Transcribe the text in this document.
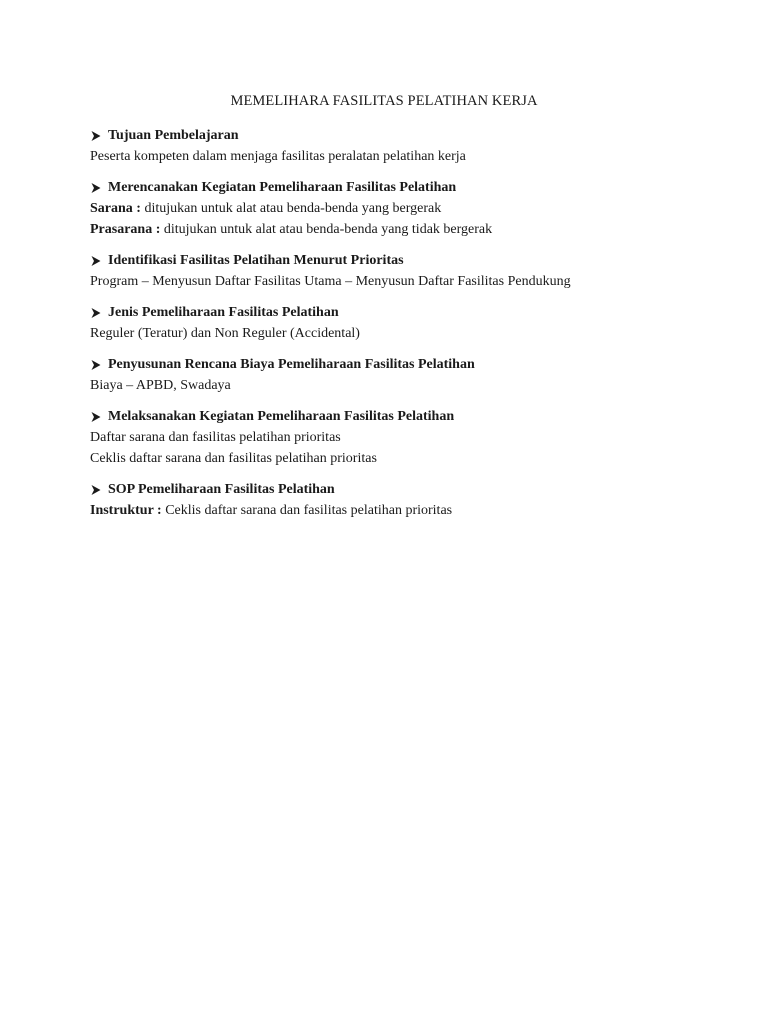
MEMELIHARA FASILITAS PELATIHAN KERJA
Tujuan Pembelajaran
Peserta kompeten dalam menjaga fasilitas peralatan pelatihan kerja
Merencanakan Kegiatan Pemeliharaan Fasilitas Pelatihan
Sarana : ditujukan untuk alat atau benda-benda yang bergerak
Prasarana : ditujukan untuk alat atau benda-benda yang tidak bergerak
Identifikasi Fasilitas Pelatihan Menurut Prioritas
Program – Menyusun Daftar Fasilitas Utama – Menyusun Daftar Fasilitas Pendukung
Jenis Pemeliharaan Fasilitas Pelatihan
Reguler (Teratur) dan Non Reguler (Accidental)
Penyusunan Rencana Biaya Pemeliharaan Fasilitas Pelatihan
Biaya – APBD, Swadaya
Melaksanakan Kegiatan Pemeliharaan Fasilitas Pelatihan
Daftar sarana dan fasilitas pelatihan prioritas
Ceklis daftar sarana dan fasilitas pelatihan prioritas
SOP Pemeliharaan Fasilitas Pelatihan
Instruktur : Ceklis daftar sarana dan fasilitas pelatihan prioritas
